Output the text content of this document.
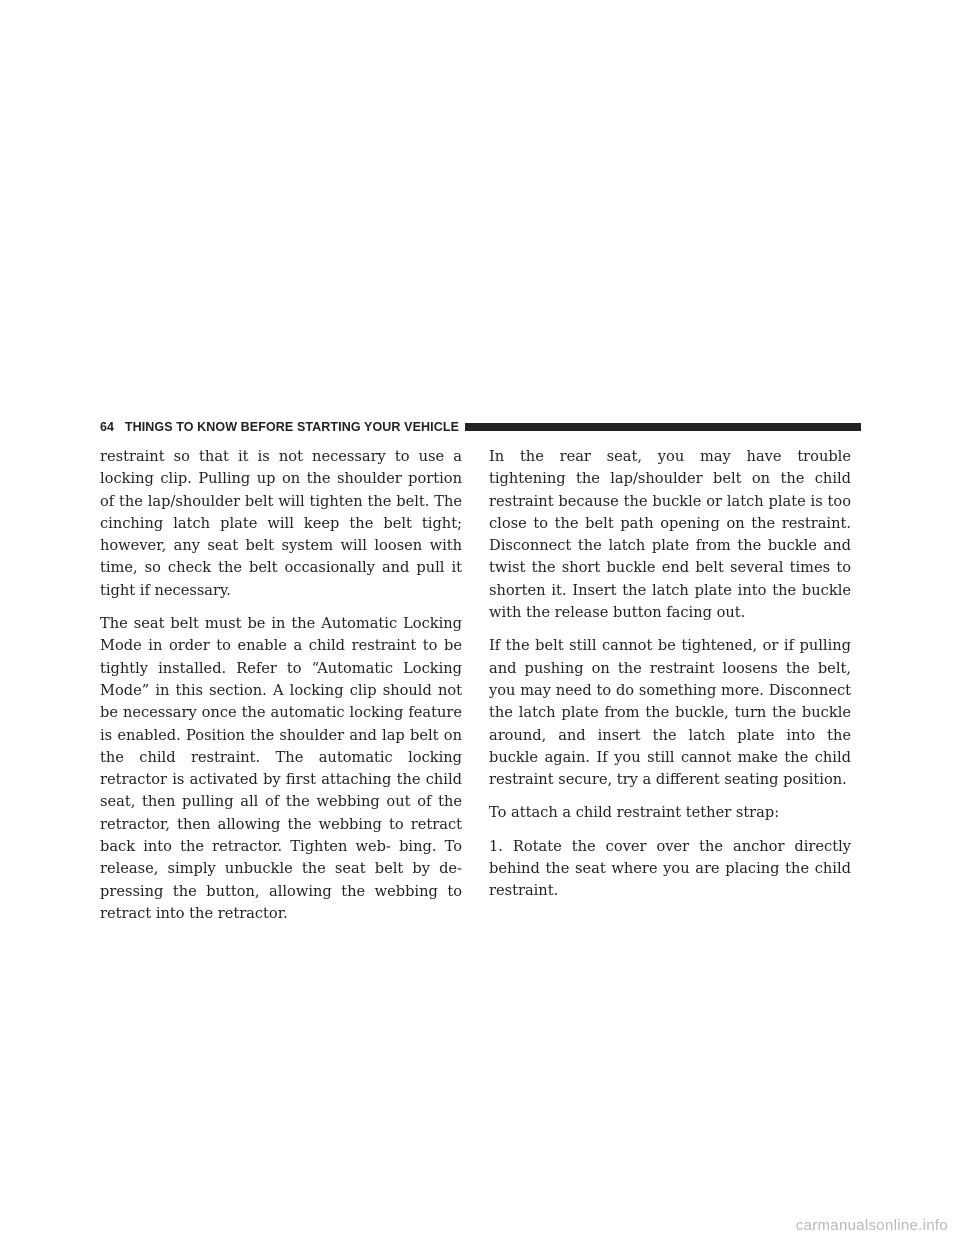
64 THINGS TO KNOW BEFORE STARTING YOUR VEHICLE

restraint so that it is not necessary to use a locking clip. Pulling up on the shoulder portion of the lap/shoulder belt will tighten the belt. The cinching latch plate will keep the belt tight; however, any seat belt system will loosen with time, so check the belt occasionally and pull it tight if necessary.

The seat belt must be in the Automatic Locking Mode in order to enable a child restraint to be tightly installed. Refer to “Automatic Locking Mode” in this section. A locking clip should not be necessary once the automatic locking feature is enabled. Position the shoulder and lap belt on the child restraint. The automatic locking retractor is activated by first attaching the child seat, then pulling all of the webbing out of the retractor, then allowing the webbing to retract back into the retractor. Tighten web- bing. To release, simply unbuckle the seat belt by de- pressing the button, allowing the webbing to retract into the retractor.

In the rear seat, you may have trouble tightening the lap/shoulder belt on the child restraint because the buckle or latch plate is too close to the belt path opening on the restraint. Disconnect the latch plate from the buckle and twist the short buckle end belt several times to shorten it. Insert the latch plate into the buckle with the release button facing out.

If the belt still cannot be tightened, or if pulling and pushing on the restraint loosens the belt, you may need to do something more. Disconnect the latch plate from the buckle, turn the buckle around, and insert the latch plate into the buckle again. If you still cannot make the child restraint secure, try a different seating position.

To attach a child restraint tether strap:

1. Rotate the cover over the anchor directly behind the seat where you are placing the child restraint.

carmanualsonline.info
